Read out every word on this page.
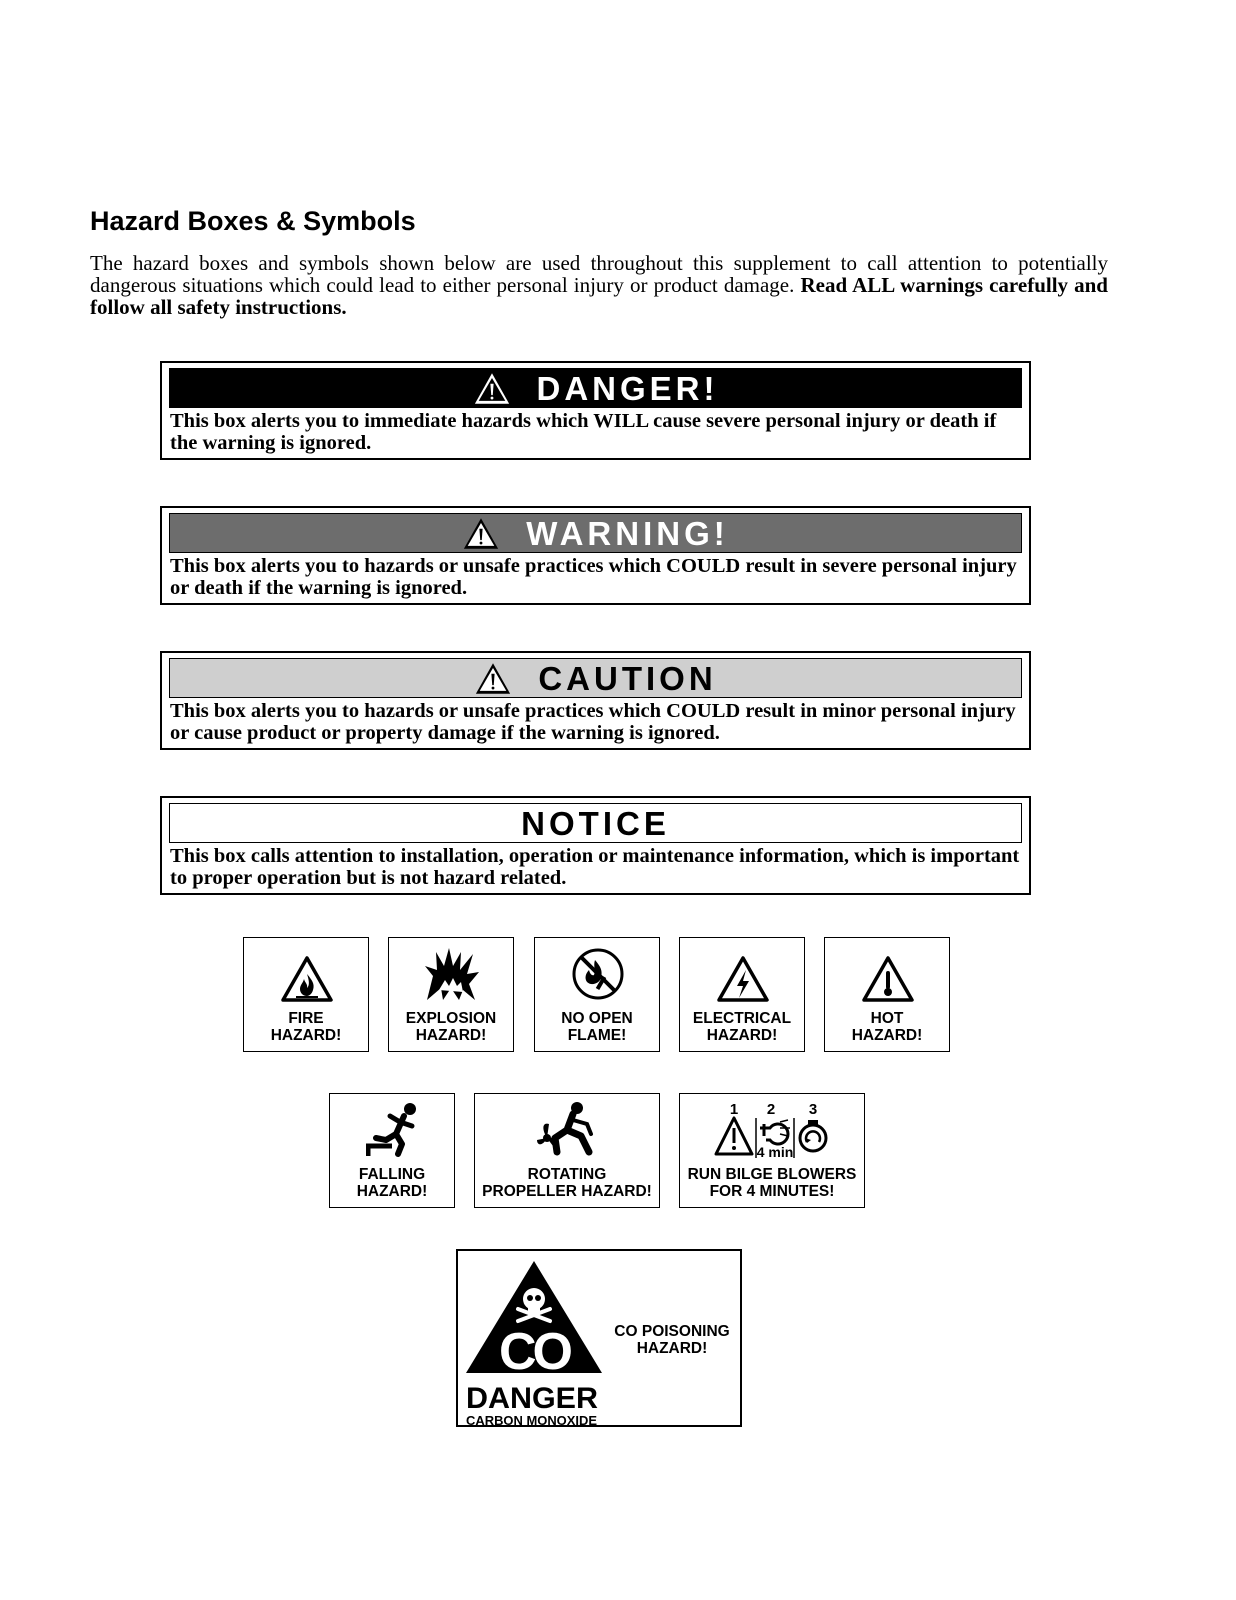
Hazard Boxes & Symbols

The hazard boxes and symbols shown below are used throughout this supplement to call attention to potentially dangerous situations which could lead to either personal injury or product damage. Read ALL warnings carefully and follow all safety instructions.

DANGER!
This box alerts you to immediate hazards which WILL cause severe personal injury or death if the warning is ignored.
WARNING!
This box alerts you to hazards or unsafe practices which COULD result in severe personal injury or death if the warning is ignored.
CAUTION
This box alerts you to hazards or unsafe practices which COULD result in minor personal injury or cause product or property damage if the warning is ignored.
NOTICE
This box calls attention to installation, operation or maintenance information, which is important to proper operation but is not hazard related.
FIRE
HAZARD!
EXPLOSION
HAZARD!
NO OPEN
FLAME!
ELECTRICAL
HAZARD!
HOT
HAZARD!
FALLING
HAZARD!
ROTATING
PROPELLER HAZARD!
1 2 3
4 min
RUN BILGE BLOWERS
FOR 4 MINUTES!
CO
DANGER
CARBON MONOXIDE
CO POISONING
HAZARD!
